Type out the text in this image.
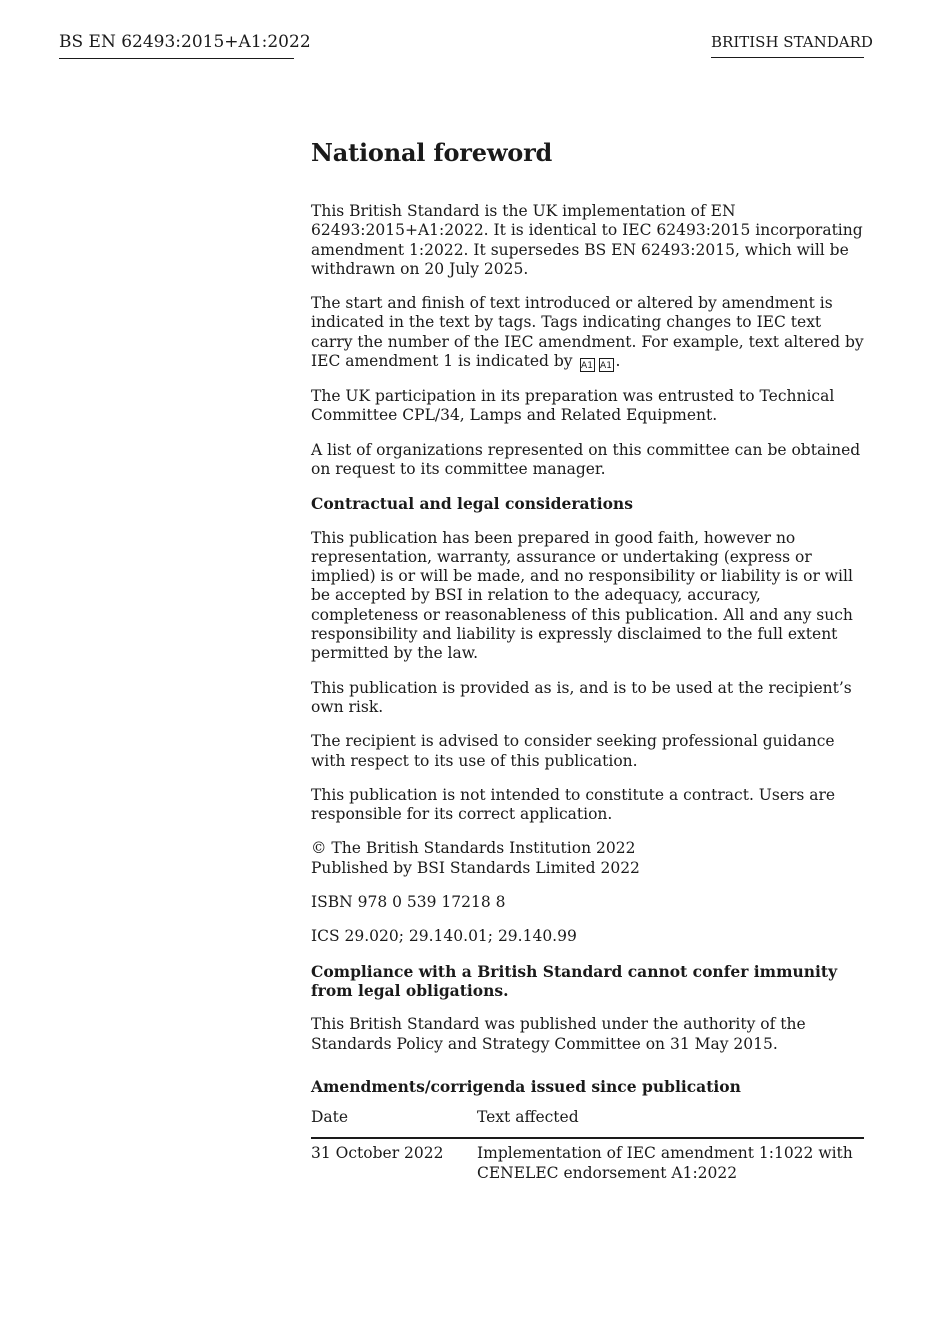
BS EN 62493:2015+A1:2022	BRITISH STANDARD
National foreword

This British Standard is the UK implementation of EN 62493:2015+A1:2022. It is identical to IEC 62493:2015 incorporating amendment 1:2022. It supersedes BS EN 62493:2015, which will be withdrawn on 20 July 2025.

The start and finish of text introduced or altered by amendment is indicated in the text by tags. Tags indicating changes to IEC text carry the number of the IEC amendment. For example, text altered by IEC amendment 1 is indicated by A1 A1 .

The UK participation in its preparation was entrusted to Technical Committee CPL/34, Lamps and Related Equipment.

A list of organizations represented on this committee can be obtained on request to its committee manager.

Contractual and legal considerations

This publication has been prepared in good faith, however no representation, warranty, assurance or undertaking (express or implied) is or will be made, and no responsibility or liability is or will be accepted by BSI in relation to the adequacy, accuracy, completeness or reasonableness of this publication. All and any such responsibility and liability is expressly disclaimed to the full extent permitted by the law.

This publication is provided as is, and is to be used at the recipient’s own risk.

The recipient is advised to consider seeking professional guidance with respect to its use of this publication.

This publication is not intended to constitute a contract. Users are responsible for its correct application.

© The British Standards Institution 2022
Published by BSI Standards Limited 2022

ISBN 978 0 539 17218 8

ICS 29.020; 29.140.01; 29.140.99

Compliance with a British Standard cannot confer immunity from legal obligations.

This British Standard was published under the authority of the Standards Policy and Strategy Committee on 31 May 2015.

Amendments/corrigenda issued since publication
Date	Text affected
31 October 2022	Implementation of IEC amendment 1:1022 with CENELEC endorsement A1:2022
